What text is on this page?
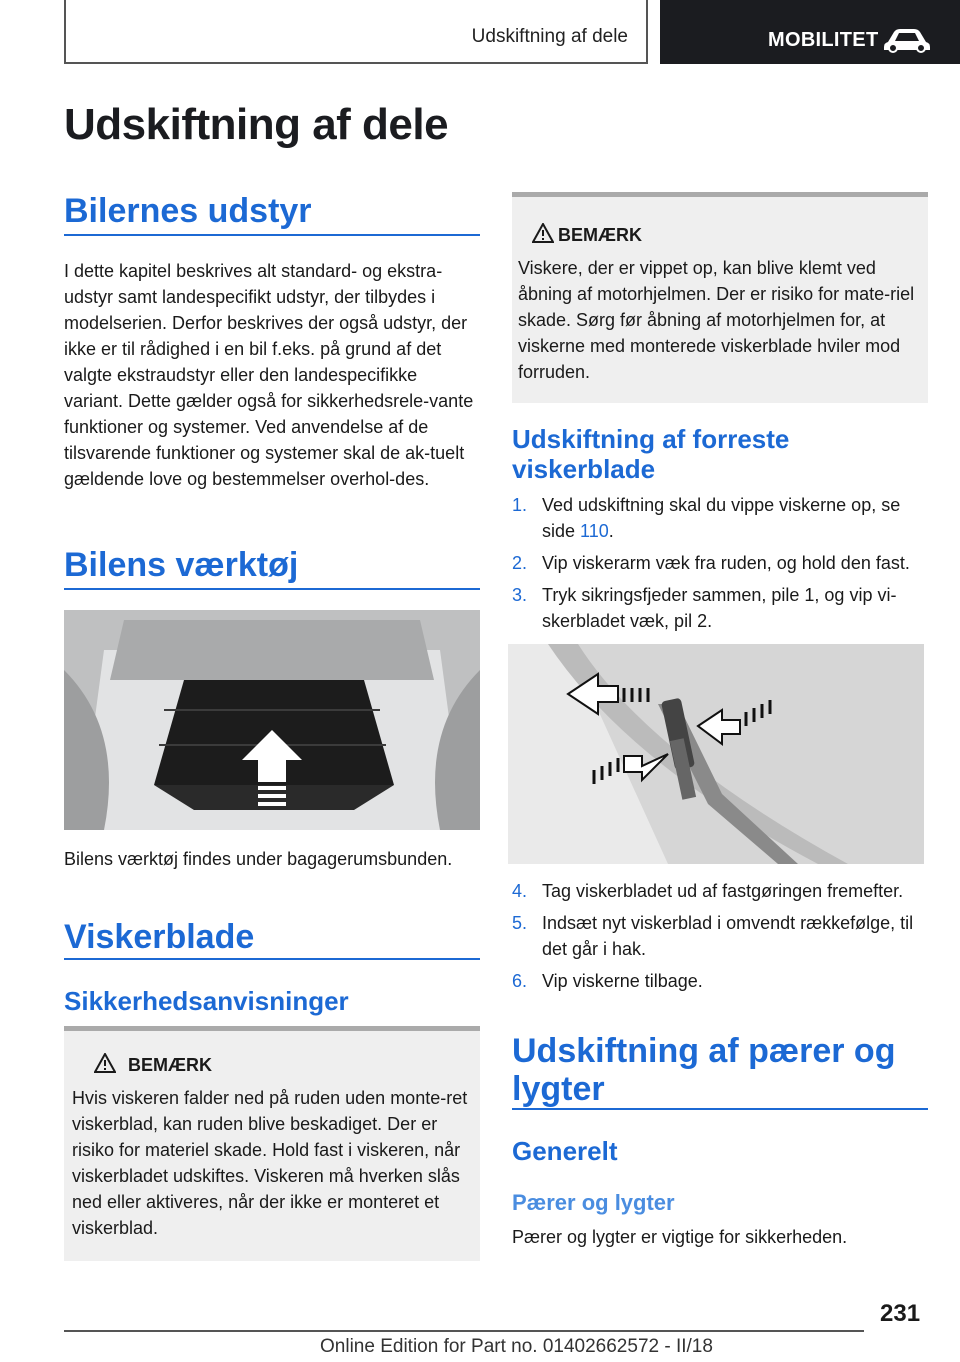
Udskiftning af dele	MOBILITET
Udskiftning af dele
Bilernes udstyr
I dette kapitel beskrives alt standard- og ekstra-udstyr samt landespecifikt udstyr, der tilbydes i modelserien. Derfor beskrives der også udstyr, der ikke er til rådighed i en bil f.eks. på grund af det valgte ekstraudstyr eller den landespecifikke variant. Dette gælder også for sikkerhedsrele-vante funktioner og systemer. Ved anvendelse af de tilsvarende funktioner og systemer skal de ak-tuelt gældende love og bestemmelser overhol-des.
Bilens værktøj
Bilens værktøj findes under bagagerumsbunden.
Viskerblade
Sikkerhedsanvisninger
BEMÆRK
Hvis viskeren falder ned på ruden uden monte-ret viskerblad, kan ruden blive beskadiget. Der er risiko for materiel skade. Hold fast i viskeren, når viskerbladet udskiftes. Viskeren må hverken slås ned eller aktiveres, når der ikke er monteret et viskerblad.
BEMÆRK
Viskere, der er vippet op, kan blive klemt ved åbning af motorhjelmen. Der er risiko for mate-riel skade. Sørg før åbning af motorhjelmen for, at viskerne med monterede viskerblade hviler mod forruden.
Udskiftning af forreste viskerblade
1. Ved udskiftning skal du vippe viskerne op, se side 110.
2. Vip viskerarm væk fra ruden, og hold den fast.
3. Tryk sikringsfjeder sammen, pile 1, og vip vi-skerbladet væk, pil 2.
4. Tag viskerbladet ud af fastgøringen fremefter.
5. Indsæt nyt viskerblad i omvendt rækkefølge, til det går i hak.
6. Vip viskerne tilbage.
Udskiftning af pærer og lygter
Generelt
Pærer og lygter
Pærer og lygter er vigtige for sikkerheden.
231
Online Edition for Part no. 01402662572 - II/18
